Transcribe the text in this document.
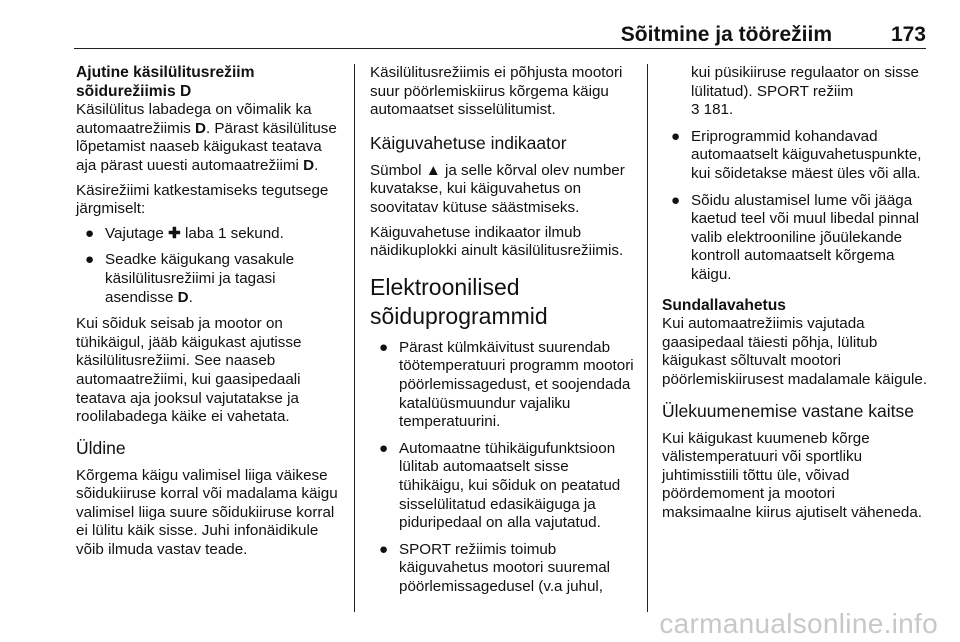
Sõitmine ja töörežiim	173

Ajutine käsilülitusrežiim sõidurežiimis D

Käsilülitus labadega on võimalik ka automaatrežiimis D. Pärast käsilülituse lõpetamist naaseb käigukast teatava aja pärast uuesti automaatrežiimi D.

Käsirežiimi katkestamiseks tegutsege järgmiselt:

● Vajutage ✚ laba 1 sekund.
● Seadke käigukang vasakule käsilülitusrežiimi ja tagasi asendisse D.

Kui sõiduk seisab ja mootor on tühikäigul, jääb käigukast ajutisse käsilülitusrežiimi. See naaseb automaatrežiimi, kui gaasipedaali teatava aja jooksul vajutatakse ja roolilabadega käike ei vahetata.

Üldine

Kõrgema käigu valimisel liiga väikese sõidukiiruse korral või madalama käigu valimisel liiga suure sõidukiiruse korral ei lülitu käik sisse. Juhi infonäidikule võib ilmuda vastav teade.

Käsilülitusrežiimis ei põhjusta mootori suur pöörlemiskiirus kõrgema käigu automaatset sisselülitumist.

Käiguvahetuse indikaator

Sümbol ▲ ja selle kõrval olev number kuvatakse, kui käiguvahetus on soovitatav kütuse säästmiseks.

Käiguvahetuse indikaator ilmub näidikuplokki ainult käsilülitusrežiimis.

Elektroonilised sõiduprogrammid

● Pärast külmkäivitust suurendab töötemperatuuri programm mootori pöörlemissagedust, et soojendada katalüüsmuundur vajaliku temperatuurini.
● Automaatne tühikäigufunktsioon lülitab automaatselt sisse tühikäigu, kui sõiduk on peatatud sisselülitatud edasikäiguga ja piduripedaal on alla vajutatud.
● SPORT režiimis toimub käiguvahetus mootori suuremal pöörlemissagedusel (v.a juhul,
kui püsikiiruse regulaator on sisse lülitatud). SPORT režiim
3 181.
● Eriprogrammid kohandavad automaatselt käiguvahetuspunkte, kui sõidetakse mäest üles või alla.
● Sõidu alustamisel lume või jääga kaetud teel või muul libedal pinnal valib elektrooniline jõuülekande kontroll automaatselt kõrgema käigu.

Sundallavahetus

Kui automaatrežiimis vajutada gaasipedaal täiesti põhja, lülitub käigukast sõltuvalt mootori pöörlemiskiirusest madalamale käigule.

Ülekuumenemise vastane kaitse

Kui käigukast kuumeneb kõrge välistemperatuuri või sportliku juhtimisstiili tõttu üle, võivad pöördemoment ja mootori maksimaalne kiirus ajutiselt väheneda.

carmanualsonline.info
